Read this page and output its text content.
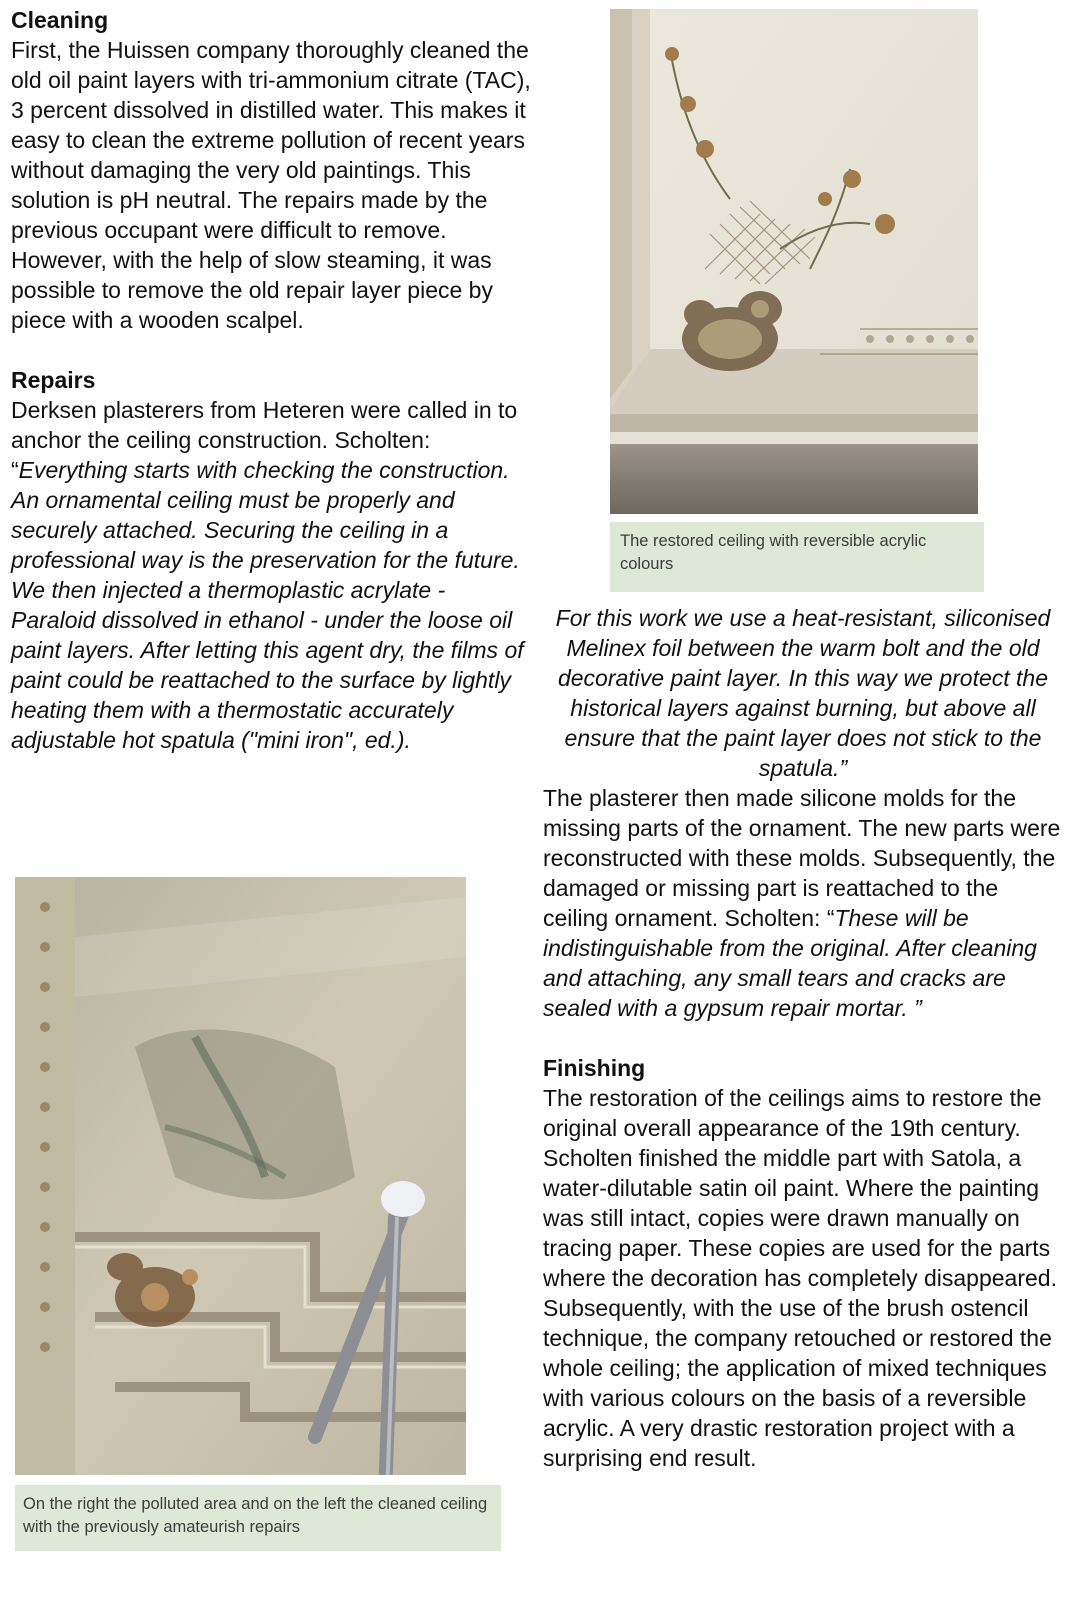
Cleaning

First, the Huissen company thoroughly cleaned the old oil paint layers with tri-ammonium citrate (TAC), 3 percent dissolved in distilled water. This makes it easy to clean the extreme pollution of recent years without damaging the very old paintings. This solution is pH neutral. The repairs made by the previous occupant were difficult to remove. However, with the help of slow steaming, it was possible to remove the old repair layer piece by piece with a wooden scalpel.

Repairs

Derksen plasterers from Heteren were called in to anchor the ceiling construction. Scholten: “Everything starts with checking the construction. An ornamental ceiling must be properly and securely attached. Securing the ceiling in a professional way is the preservation for the future. We then injected a thermoplastic acrylate - Paraloid dissolved in ethanol - under the loose oil paint layers. After letting this agent dry, the films of paint could be reattached to the surface by lightly heating them with a thermostatic accurately adjustable hot spatula ("mini iron", ed.).

The restored ceiling with reversible acrylic colours

For this work we use a heat-resistant, siliconised Melinex foil between the warm bolt and the old decorative paint layer. In this way we protect the historical layers against burning, but above all ensure that the paint layer does not stick to the spatula.”

The plasterer then made silicone molds for the missing parts of the ornament. The new parts were reconstructed with these molds. Subsequently, the damaged or missing part is reattached to the ceiling ornament. Scholten: “These will be indistinguishable from the original. After cleaning and attaching, any small tears and cracks are sealed with a gypsum repair mortar. ”

Finishing

The restoration of the ceilings aims to restore the original overall appearance of the 19th century. Scholten finished the middle part with Satola, a water-dilutable satin oil paint. Where the painting was still intact, copies were drawn manually on tracing paper. These copies are used for the parts where the decoration has completely disappeared. Subsequently, with the use of the brush ostencil technique, the company retouched or restored the whole ceiling; the application of mixed techniques with various colours on the basis of a reversible acrylic. A very drastic restoration project with a surprising end result.

On the right the polluted area and on the left the cleaned ceiling with the previously amateurish repairs
